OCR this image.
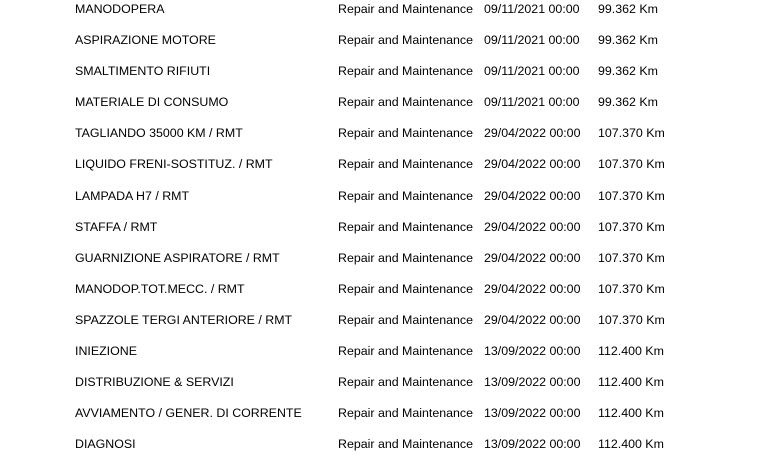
MANODOPERA	Repair and Maintenance 09/11/2021 00:00 99.362 Km
ASPIRAZIONE MOTORE	Repair and Maintenance 09/11/2021 00:00 99.362 Km
SMALTIMENTO RIFIUTI	Repair and Maintenance 09/11/2021 00:00 99.362 Km
MATERIALE DI CONSUMO	Repair and Maintenance 09/11/2021 00:00 99.362 Km
TAGLIANDO 35000 KM / RMT	Repair and Maintenance 29/04/2022 00:00 107.370 Km
LIQUIDO FRENI-SOSTITUZ. / RMT	Repair and Maintenance 29/04/2022 00:00 107.370 Km
LAMPADA H7 / RMT	Repair and Maintenance 29/04/2022 00:00 107.370 Km
STAFFA / RMT	Repair and Maintenance 29/04/2022 00:00 107.370 Km
GUARNIZIONE ASPIRATORE / RMT	Repair and Maintenance 29/04/2022 00:00 107.370 Km
MANODOP.TOT.MECC. / RMT	Repair and Maintenance 29/04/2022 00:00 107.370 Km
SPAZZOLE TERGI ANTERIORE / RMT	Repair and Maintenance 29/04/2022 00:00 107.370 Km
INIEZIONE	Repair and Maintenance 13/09/2022 00:00 112.400 Km
DISTRIBUZIONE & SERVIZI	Repair and Maintenance 13/09/2022 00:00 112.400 Km
AVVIAMENTO / GENER. DI CORRENTE	Repair and Maintenance 13/09/2022 00:00 112.400 Km
DIAGNOSI	Repair and Maintenance 13/09/2022 00:00 112.400 Km
